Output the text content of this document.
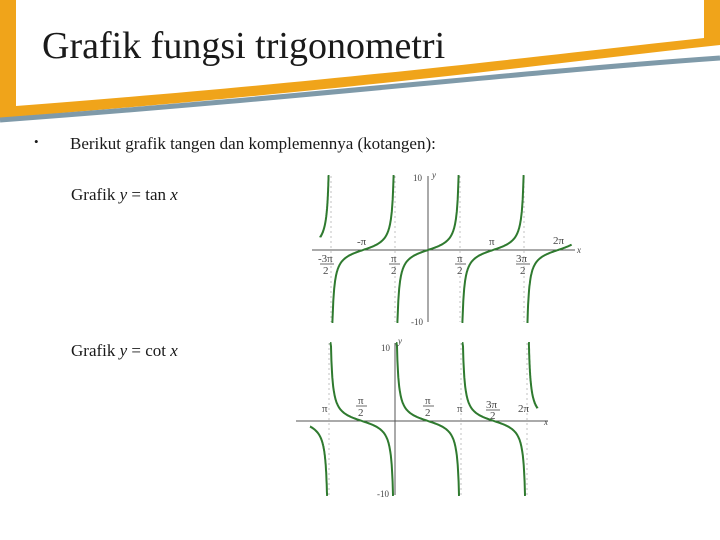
Grafik fungsi trigonometri
• Berikut grafik tangen dan komplemennya (kotangen):
Grafik y = tan x
Grafik y = cot x
y
x
10
-10
-3π
2
-π
π
2
π
2
π
3π
2
2π
y
x
10
-10
π
π
2
π
2 π 3π
2
2π
